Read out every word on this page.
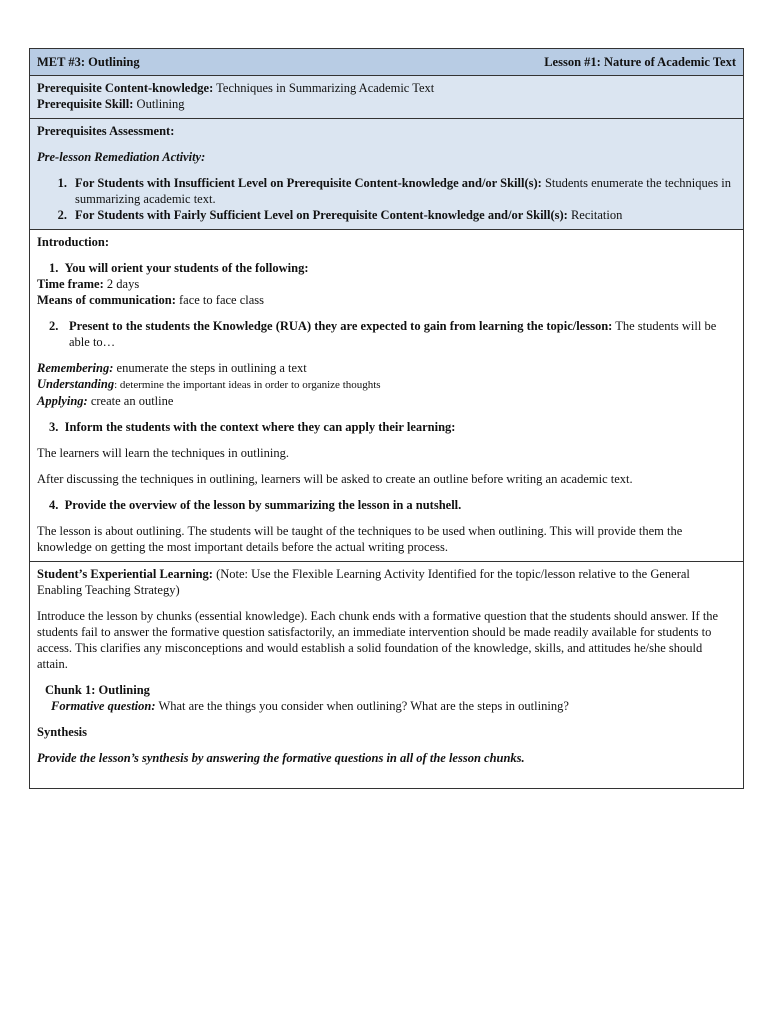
MET #3: Outlining	Lesson #1: Nature of Academic Text
Prerequisite Content-knowledge: Techniques in Summarizing Academic Text
Prerequisite Skill: Outlining
Prerequisites Assessment:
Pre-lesson Remediation Activity:
1. For Students with Insufficient Level on Prerequisite Content-knowledge and/or Skill(s): Students enumerate the techniques in summarizing academic text.
2. For Students with Fairly Sufficient Level on Prerequisite Content-knowledge and/or Skill(s): Recitation
Introduction:
1.  You will orient your students of the following:
Time frame: 2 days
Means of communication: face to face class
2. Present to the students the Knowledge (RUA) they are expected to gain from learning the topic/lesson: The students will be able to…
Remembering: enumerate the steps in outlining a text
Understanding: determine the important ideas in order to organize thoughts
Applying: create an outline
3.  Inform the students with the context where they can apply their learning:
The learners will learn the techniques in outlining.
After discussing the techniques in outlining, learners will be asked to create an outline before writing an academic text.
4.  Provide the overview of the lesson by summarizing the lesson in a nutshell.
The lesson is about outlining. The students will be taught of the techniques to be used when outlining. This will provide them the knowledge on getting the most important details before the actual writing process.
Student’s Experiential Learning: (Note: Use the Flexible Learning Activity Identified for the topic/lesson relative to the General Enabling Teaching Strategy)
Introduce the lesson by chunks (essential knowledge). Each chunk ends with a formative question that the students should answer. If the students fail to answer the formative question satisfactorily, an immediate intervention should be made readily available for students to access. This clarifies any misconceptions and would establish a solid foundation of the knowledge, skills, and attitudes he/she should attain.
Chunk 1: Outlining
Formative question: What are the things you consider when outlining? What are the steps in outlining?
Synthesis
Provide the lesson’s synthesis by answering the formative questions in all of the lesson chunks.
